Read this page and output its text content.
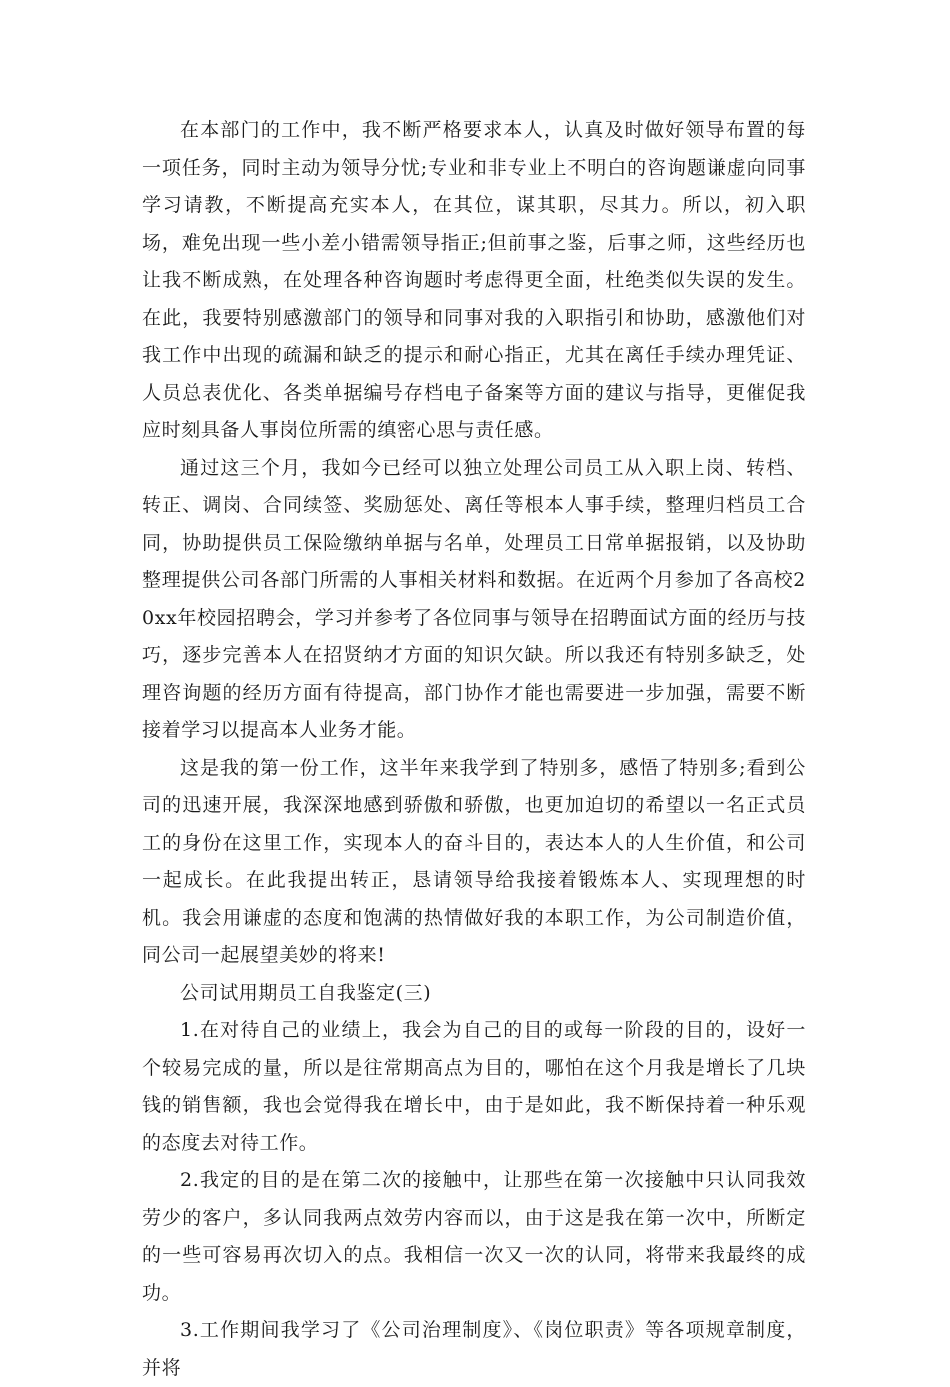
在本部门的工作中，我不断严格要求本人，认真及时做好领导布置的每一项任务，同时主动为领导分忧;专业和非专业上不明白的咨询题谦虚向同事学习请教，不断提高充实本人，在其位，谋其职，尽其力。所以，初入职场，难免出现一些小差小错需领导指正;但前事之鉴，后事之师，这些经历也让我不断成熟，在处理各种咨询题时考虑得更全面，杜绝类似失误的发生。在此，我要特别感激部门的领导和同事对我的入职指引和协助，感激他们对我工作中出现的疏漏和缺乏的提示和耐心指正，尤其在离任手续办理凭证、人员总表优化、各类单据编号存档电子备案等方面的建议与指导，更催促我应时刻具备人事岗位所需的缜密心思与责任感。

通过这三个月，我如今已经可以独立处理公司员工从入职上岗、转档、转正、调岗、合同续签、奖励惩处、离任等根本人事手续，整理归档员工合同，协助提供员工保险缴纳单据与名单，处理员工日常单据报销，以及协助整理提供公司各部门所需的人事相关材料和数据。在近两个月参加了各高校20xx年校园招聘会，学习并参考了各位同事与领导在招聘面试方面的经历与技巧，逐步完善本人在招贤纳才方面的知识欠缺。所以我还有特别多缺乏，处理咨询题的经历方面有待提高，部门协作才能也需要进一步加强，需要不断接着学习以提高本人业务才能。

这是我的第一份工作，这半年来我学到了特别多，感悟了特别多;看到公司的迅速开展，我深深地感到骄傲和骄傲，也更加迫切的希望以一名正式员工的身份在这里工作，实现本人的奋斗目的，表达本人的人生价值，和公司一起成长。在此我提出转正，恳请领导给我接着锻炼本人、实现理想的时机。我会用谦虚的态度和饱满的热情做好我的本职工作，为公司制造价值，同公司一起展望美妙的将来!

公司试用期员工自我鉴定(三)

1.在对待自己的业绩上，我会为自己的目的或每一阶段的目的，设好一个较易完成的量，所以是往常期高点为目的，哪怕在这个月我是增长了几块钱的销售额，我也会觉得我在增长中，由于是如此，我不断保持着一种乐观的态度去对待工作。

2.我定的目的是在第二次的接触中，让那些在第一次接触中只认同我效劳少的客户，多认同我两点效劳内容而以，由于这是我在第一次中，所断定的一些可容易再次切入的点。我相信一次又一次的认同，将带来我最终的成功。

3.工作期间我学习了《公司治理制度》、《岗位职责》等各项规章制度，并将
